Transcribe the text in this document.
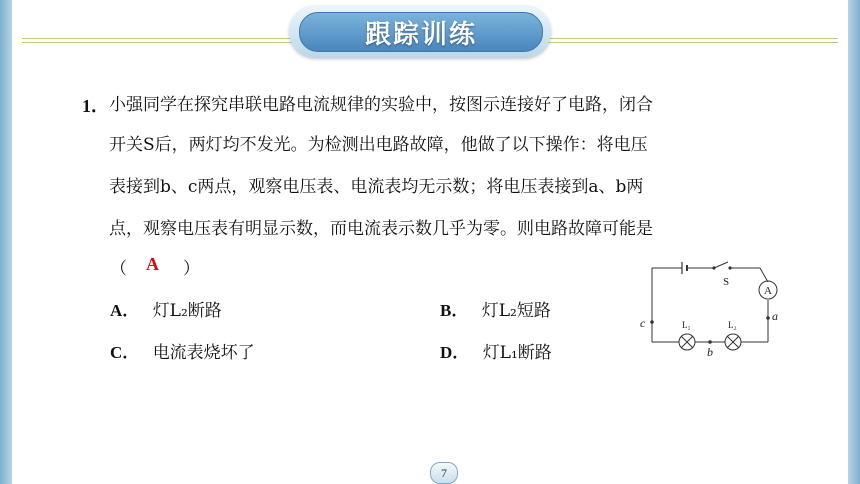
跟踪训练
1． 小强同学在探究串联电路电流规律的实验中，按图示连接好了电路，闭合
开关S后，两灯均不发光。为检测出电路故障，他做了以下操作：将电压
表接到b、c两点，观察电压表、电流表均无示数；将电压表接到a、b两
点，观察电压表有明显示数，而电流表示数几乎为零。则电路故障可能是
（ A ）
A． 灯L₂断路	B． 灯L₂短路
C． 电流表烧坏了	D． 灯L₁断路
A
S
L₁	L₂
c
b
a
7
